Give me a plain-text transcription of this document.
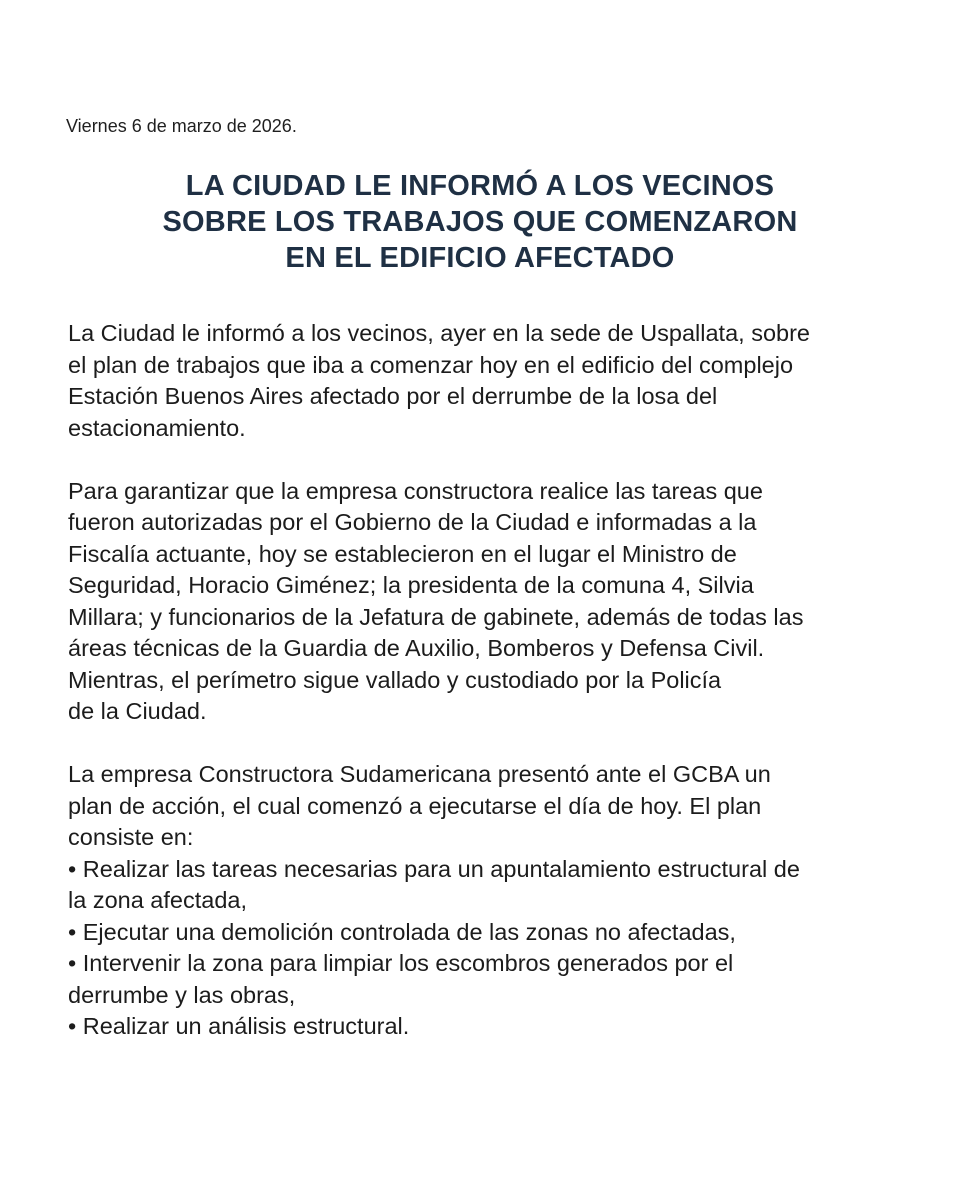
Viernes 6 de marzo de 2026.

LA CIUDAD LE INFORMÓ A LOS VECINOS
SOBRE LOS TRABAJOS QUE COMENZARON
EN EL EDIFICIO AFECTADO

La Ciudad le informó a los vecinos, ayer en la sede de Uspallata, sobre
el plan de trabajos que iba a comenzar hoy en el edificio del complejo
Estación Buenos Aires afectado por el derrumbe de la losa del
estacionamiento.

Para garantizar que la empresa constructora realice las tareas que
fueron autorizadas por el Gobierno de la Ciudad e informadas a la
Fiscalía actuante, hoy se establecieron en el lugar el Ministro de
Seguridad, Horacio Giménez; la presidenta de la comuna 4, Silvia
Millara; y funcionarios de la Jefatura de gabinete, además de todas las
áreas técnicas de la Guardia de Auxilio, Bomberos y Defensa Civil.
Mientras, el perímetro sigue vallado y custodiado por la Policía
de la Ciudad.

La empresa Constructora Sudamericana presentó ante el GCBA un
plan de acción, el cual comenzó a ejecutarse el día de hoy. El plan
consiste en:
• Realizar las tareas necesarias para un apuntalamiento estructural de
la zona afectada,
• Ejecutar una demolición controlada de las zonas no afectadas,
• Intervenir la zona para limpiar los escombros generados por el
derrumbe y las obras,
• Realizar un análisis estructural.
